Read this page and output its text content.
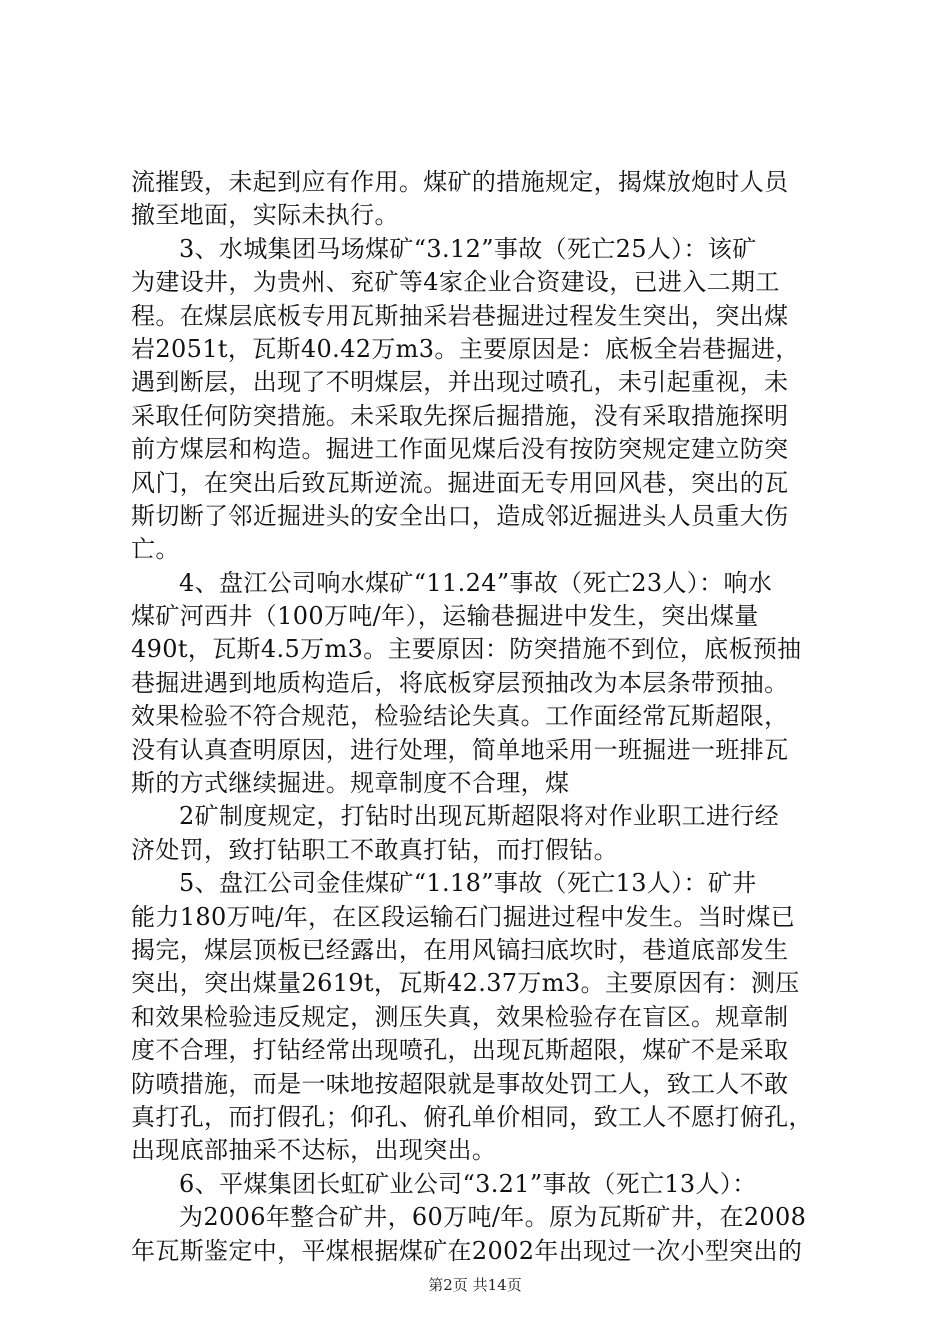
流摧毁，未起到应有作用。煤矿的措施规定，揭煤放炮时人员
撤至地面，实际未执行。
3、水城集团马场煤矿“3.12”事故（死亡25人）：该矿
为建设井，为贵州、兖矿等4家企业合资建设，已进入二期工
程。在煤层底板专用瓦斯抽采岩巷掘进过程发生突出，突出煤
岩2051t，瓦斯40.42万m3。主要原因是：底板全岩巷掘进，
遇到断层，出现了不明煤层，并出现过喷孔，未引起重视，未
采取任何防突措施。未采取先探后掘措施，没有采取措施探明
前方煤层和构造。掘进工作面见煤后没有按防突规定建立防突
风门，在突出后致瓦斯逆流。掘进面无专用回风巷，突出的瓦
斯切断了邻近掘进头的安全出口，造成邻近掘进头人员重大伤
亡。
4、盘江公司响水煤矿“11.24”事故（死亡23人）：响水
煤矿河西井（100万吨/年），运输巷掘进中发生，突出煤量
490t，瓦斯4.5万m3。主要原因：防突措施不到位，底板预抽
巷掘进遇到地质构造后，将底板穿层预抽改为本层条带预抽。
效果检验不符合规范，检验结论失真。工作面经常瓦斯超限，
没有认真查明原因，进行处理，简单地采用一班掘进一班排瓦
斯的方式继续掘进。规章制度不合理，煤
2矿制度规定，打钻时出现瓦斯超限将对作业职工进行经
济处罚，致打钻职工不敢真打钻，而打假钻。
5、盘江公司金佳煤矿“1.18”事故（死亡13人）：矿井
能力180万吨/年，在区段运输石门掘进过程中发生。当时煤已
揭完，煤层顶板已经露出，在用风镐扫底坎时，巷道底部发生
突出，突出煤量2619t，瓦斯42.37万m3。主要原因有：测压
和效果检验违反规定，测压失真，效果检验存在盲区。规章制
度不合理，打钻经常出现喷孔，出现瓦斯超限，煤矿不是采取
防喷措施，而是一味地按超限就是事故处罚工人，致工人不敢
真打孔，而打假孔；仰孔、俯孔单价相同，致工人不愿打俯孔，
出现底部抽采不达标，出现突出。
6、平煤集团长虹矿业公司“3.21”事故（死亡13人）：
为2006年整合矿井，60万吨/年。原为瓦斯矿井，在2008
年瓦斯鉴定中，平煤根据煤矿在2002年出现过一次小型突出的
第2页 共14页
